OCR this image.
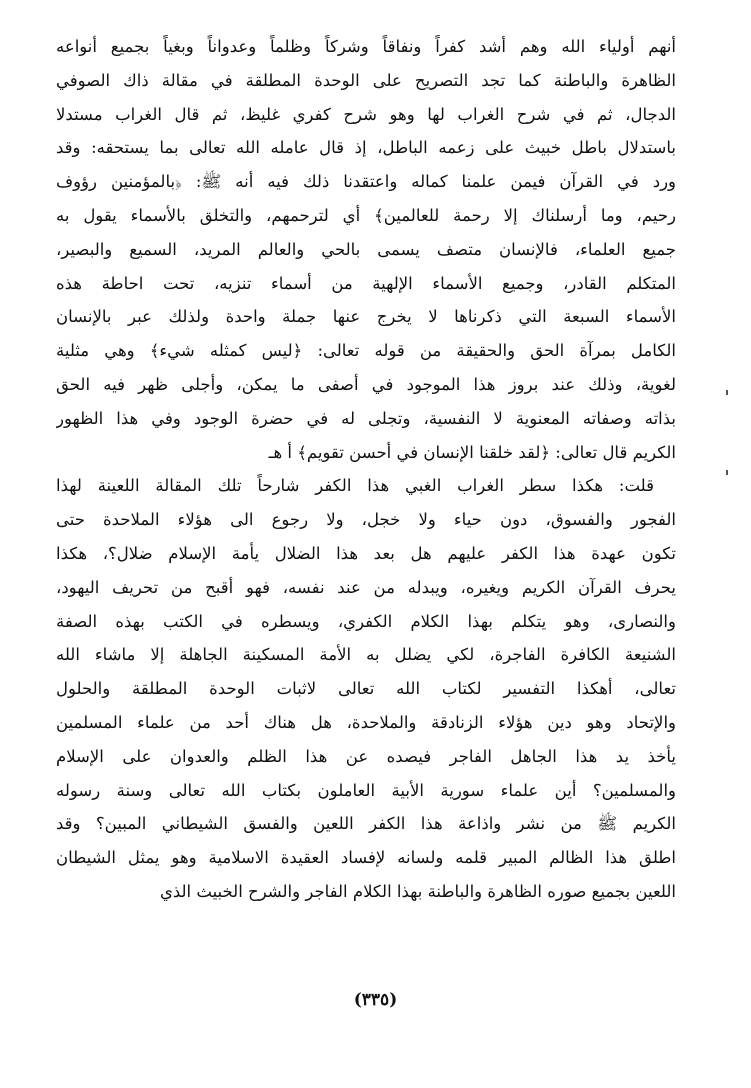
أنهم أولياء الله وهم أشد كفراً ونفاقاً وشركاً وظلماً وعدواناً وبغياً بجميع أنواعه
الظاهرة والباطنة كما تجد التصريح على الوحدة المطلقة في مقالة ذاك الصوفي
الدجال، ثم في شرح الغراب لها وهو شرح كفري غليظ، ثم قال الغراب مستدلا
باستدلال باطل خبيث على زعمه الباطل، إذ قال عامله الله تعالى بما يستحقه: وقد
ورد في القرآن فيمن علمنا كماله واعتقدنا ذلك فيه أنه ﷺ: ﴿بالمؤمنين رؤوف
رحيم، وما أرسلناك إلا رحمة للعالمين﴾ أي لترحمهم، والتخلق بالأسماء يقول به
جميع العلماء، فالإنسان متصف يسمى بالحي والعالم المريد، السميع والبصير،
المتكلم القادر، وجميع الأسماء الإلهية من أسماء تنزيه، تحت احاطة هذه
الأسماء السبعة التي ذكرناها لا يخرج عنها جملة واحدة ولذلك عبر بالإنسان
الكامل بمرآة الحق والحقيقة من قوله تعالى: ﴿ليس كمثله شيء﴾ وهي مثلية
لغوية، وذلك عند بروز هذا الموجود في أصفى ما يمكن، وأجلى ظهر فيه الحق
بذاته وصفاته المعنوية لا النفسية، وتجلى له في حضرة الوجود وفي هذا الظهور
الكريم قال تعالى: ﴿لقد خلقنا الإنسان في أحسن تقويم﴾ أ هـ
قلت: هكذا سطر الغراب الغبي هذا الكفر شارحاً تلك المقالة اللعينة لهذا
الفجور والفسوق، دون حياء ولا خجل، ولا رجوع الى هؤلاء الملاحدة حتى
تكون عهدة هذا الكفر عليهم هل بعد هذا الضلال يأمة الإسلام ضلال؟، هكذا
يحرف القرآن الكريم ويغيره، ويبدله من عند نفسه، فهو أقبح من تحريف اليهود،
والنصارى، وهو يتكلم بهذا الكلام الكفري، ويسطره في الكتب بهذه الصفة
الشنيعة الكافرة الفاجرة، لكي يضلل به الأمة المسكينة الجاهلة إلا ماشاء الله
تعالى، أهكذا التفسير لكتاب الله تعالى لاثبات الوحدة المطلقة والحلول
والإتحاد وهو دين هؤلاء الزنادقة والملاحدة، هل هناك أحد من علماء المسلمين
يأخذ يد هذا الجاهل الفاجر فيصده عن هذا الظلم والعدوان على الإسلام
والمسلمين؟ أين علماء سورية الأبية العاملون بكتاب الله تعالى وسنة رسوله
الكريم ﷺ من نشر واذاعة هذا الكفر اللعين والفسق الشيطاني المبين؟ وقد
اطلق هذا الظالم المبير قلمه ولسانه لإفساد العقيدة الاسلامية وهو يمثل الشيطان
اللعين بجميع صوره الظاهرة والباطنة بهذا الكلام الفاجر والشرح الخبيث الذي
(٣٣٥)
